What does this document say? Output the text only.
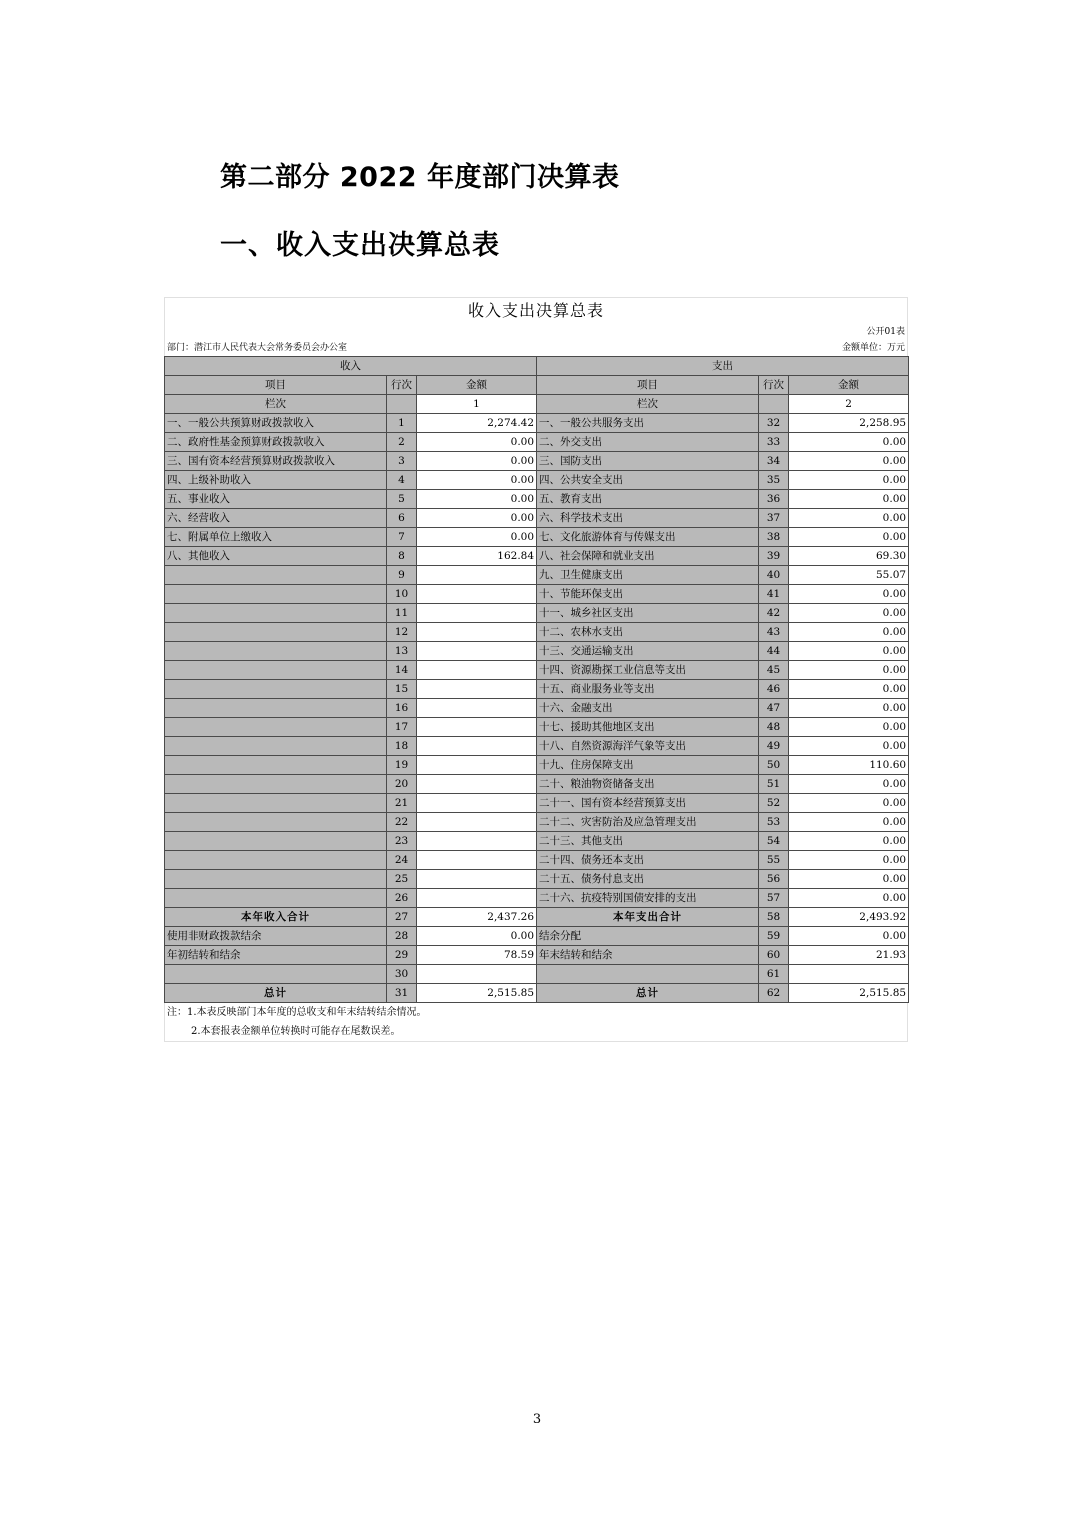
第二部分 2022 年度部门决算表
一、收入支出决算总表
收入支出决算总表
公开01表
部门：潜江市人民代表大会常务委员会办公室	金额单位：万元
收入			支出		
项目	行次	金额	项目	行次	金额
栏次		1	栏次		2
一、一般公共预算财政拨款收入	1	2,274.42	一、一般公共服务支出	32	2,258.95
二、政府性基金预算财政拨款收入	2	0.00	二、外交支出	33	0.00
三、国有资本经营预算财政拨款收入	3	0.00	三、国防支出	34	0.00
四、上级补助收入	4	0.00	四、公共安全支出	35	0.00
五、事业收入	5	0.00	五、教育支出	36	0.00
六、经营收入	6	0.00	六、科学技术支出	37	0.00
七、附属单位上缴收入	7	0.00	七、文化旅游体育与传媒支出	38	0.00
八、其他收入	8	162.84	八、社会保障和就业支出	39	69.30
	9		九、卫生健康支出	40	55.07
	10		十、节能环保支出	41	0.00
	11		十一、城乡社区支出	42	0.00
	12		十二、农林水支出	43	0.00
	13		十三、交通运输支出	44	0.00
	14		十四、资源勘探工业信息等支出	45	0.00
	15		十五、商业服务业等支出	46	0.00
	16		十六、金融支出	47	0.00
	17		十七、援助其他地区支出	48	0.00
	18		十八、自然资源海洋气象等支出	49	0.00
	19		十九、住房保障支出	50	110.60
	20		二十、粮油物资储备支出	51	0.00
	21		二十一、国有资本经营预算支出	52	0.00
	22		二十二、灾害防治及应急管理支出	53	0.00
	23		二十三、其他支出	54	0.00
	24		二十四、债务还本支出	55	0.00
	25		二十五、债务付息支出	56	0.00
	26		二十六、抗疫特别国债安排的支出	57	0.00
本年收入合计	27	2,437.26	本年支出合计	58	2,493.92
使用非财政拨款结余	28	0.00	结余分配	59	0.00
年初结转和结余	29	78.59	年末结转和结余	60	21.93
	30			61	
总计	31	2,515.85	总计	62	2,515.85
注：1.本表反映部门本年度的总收支和年末结转结余情况。
2.本套报表金额单位转换时可能存在尾数误差。
3
